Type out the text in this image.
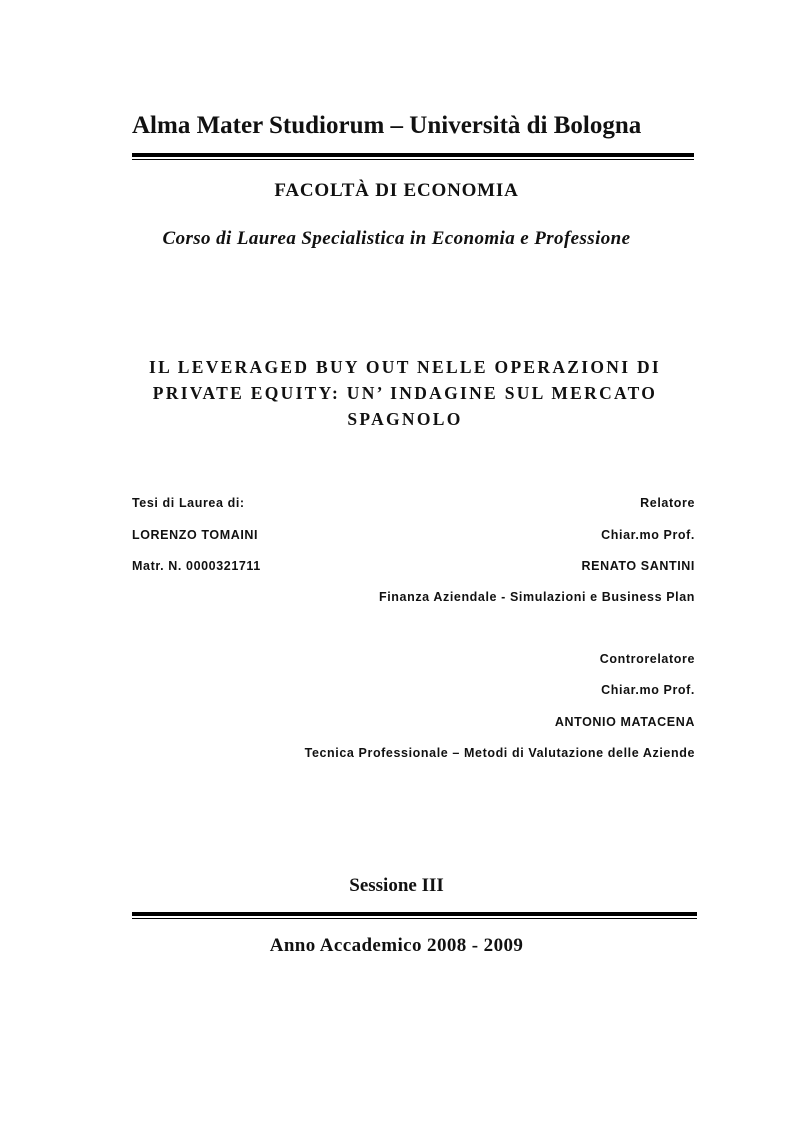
Alma Mater Studiorum – Università di Bologna
FACOLTÀ DI ECONOMIA
Corso di Laurea Specialistica in Economia e Professione
IL LEVERAGED BUY OUT NELLE OPERAZIONI DI PRIVATE EQUITY: UN’ INDAGINE SUL MERCATO SPAGNOLO
Tesi di Laurea di:
LORENZO TOMAINI
Matr. N. 0000321711
Relatore
Chiar.mo Prof.
RENATO SANTINI
Finanza Aziendale - Simulazioni e Business Plan
Controrelatore
Chiar.mo Prof.
ANTONIO MATACENA
Tecnica Professionale – Metodi di Valutazione delle Aziende
Sessione III
Anno Accademico 2008 - 2009
